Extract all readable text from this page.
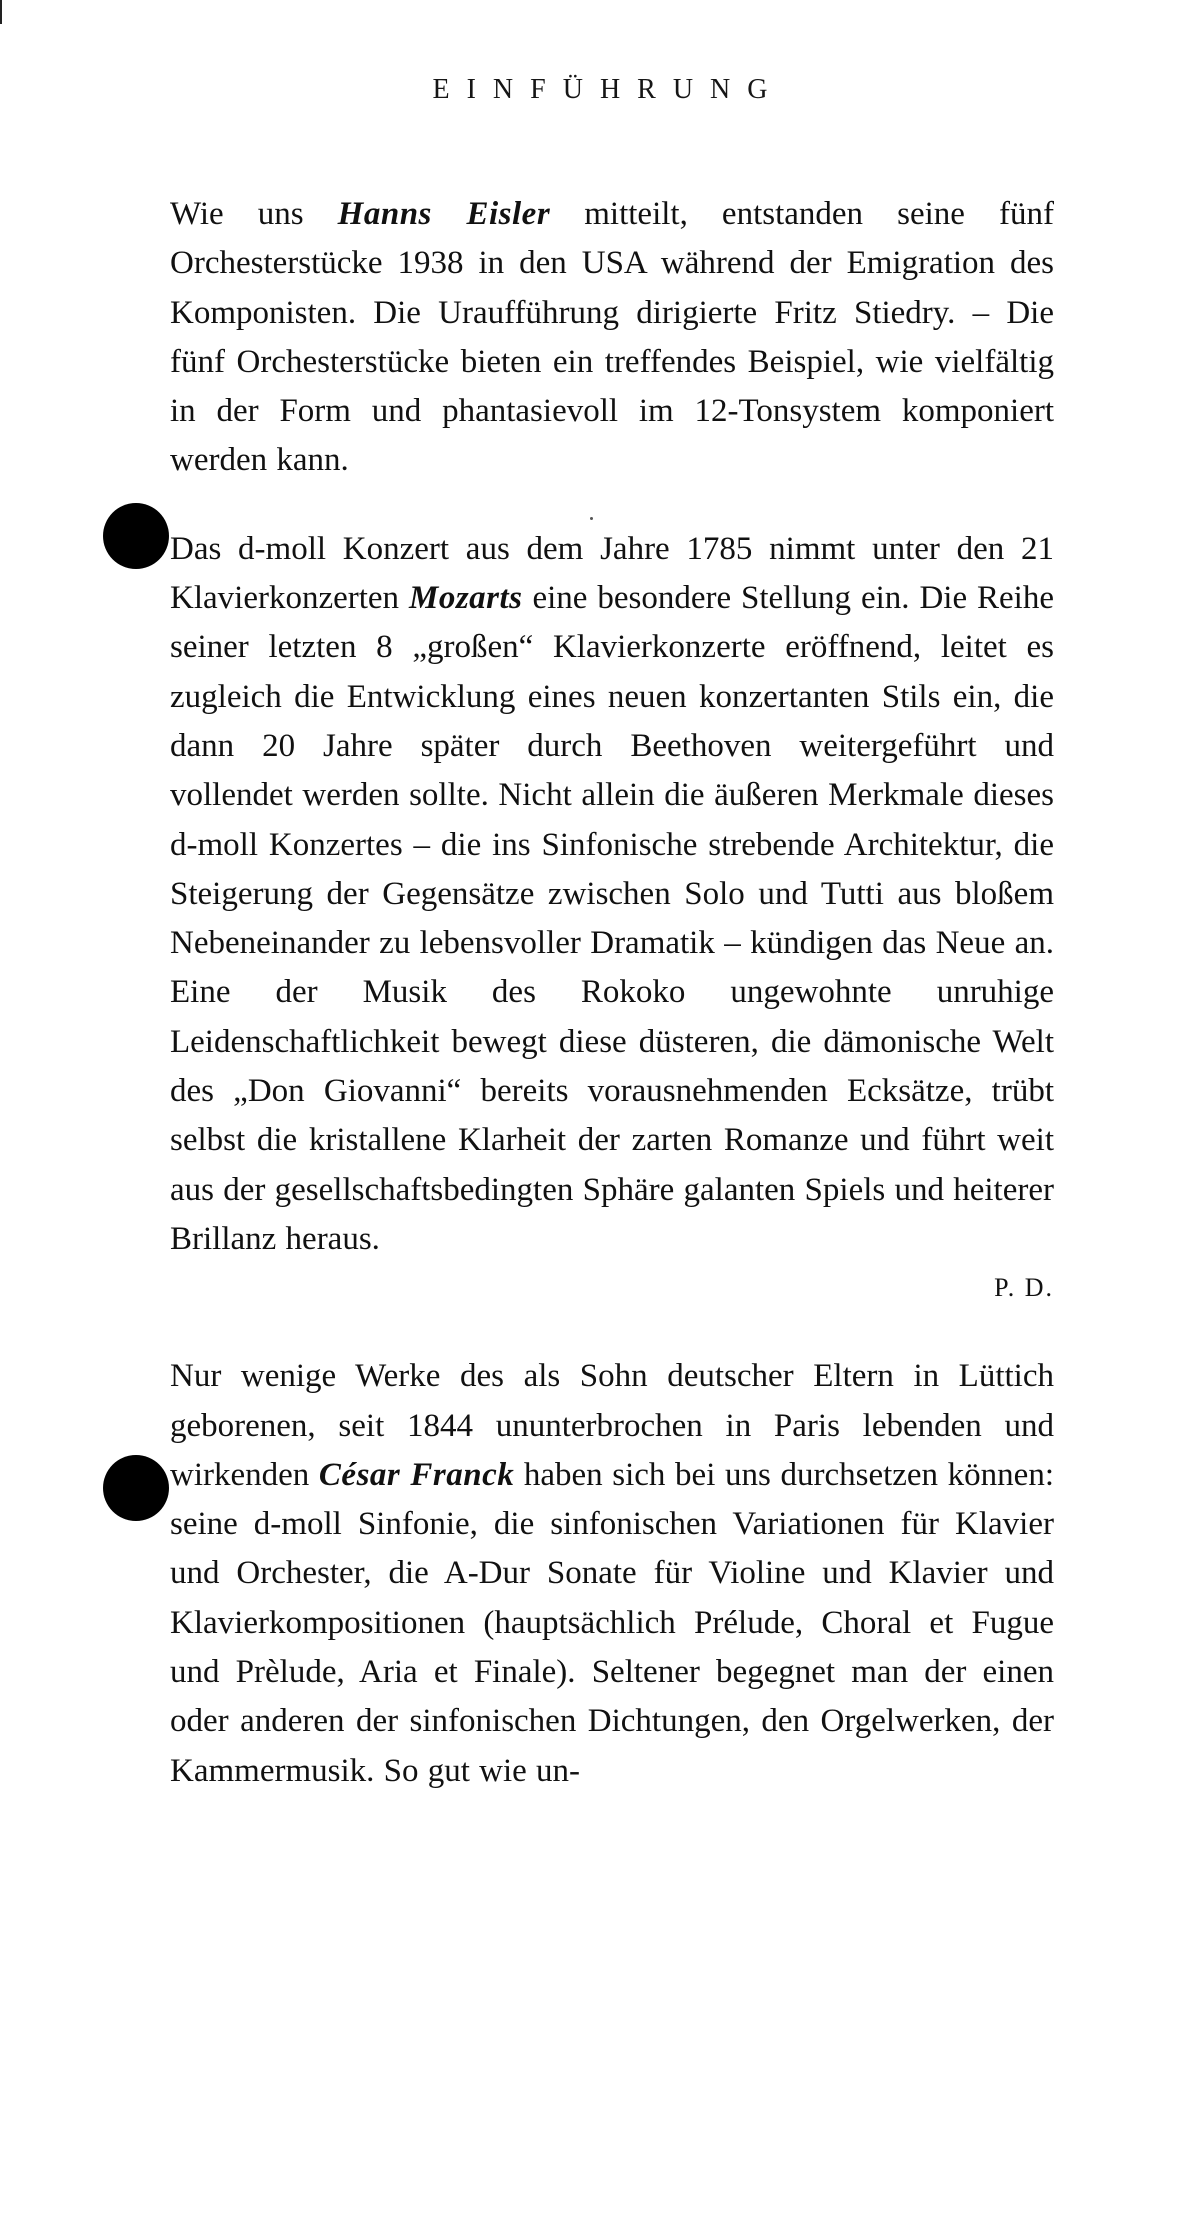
EINFÜHRUNG

Wie uns Hanns Eisler mitteilt, entstanden seine fünf Orchesterstücke 1938 in den USA während der Emigration des Komponisten. Die Uraufführung dirigierte Fritz Stiedry. – Die fünf Orchesterstücke bieten ein treffendes Beispiel, wie vielfältig in der Form und phantasievoll im 12-Tonsystem komponiert werden kann.

Das d-moll Konzert aus dem Jahre 1785 nimmt unter den 21 Klavierkonzerten Mozarts eine besondere Stellung ein. Die Reihe seiner letzten 8 „großen“ Klavierkonzerte eröffnend, leitet es zugleich die Entwicklung eines neuen konzertanten Stils ein, die dann 20 Jahre später durch Beethoven weitergeführt und vollendet werden sollte. Nicht allein die äußeren Merkmale dieses d-moll Konzertes – die ins Sinfonische strebende Architektur, die Steigerung der Gegensätze zwischen Solo und Tutti aus bloßem Nebeneinander zu lebensvoller Dramatik – kündigen das Neue an. Eine der Musik des Rokoko ungewohnte unruhige Leidenschaftlichkeit bewegt diese düsteren, die dämonische Welt des „Don Giovanni“ bereits vorausnehmenden Ecksätze, trübt selbst die kristallene Klarheit der zarten Romanze und führt weit aus der gesellschaftsbedingten Sphäre galanten Spiels und heiterer Brillanz heraus.

P. D.

Nur wenige Werke des als Sohn deutscher Eltern in Lüttich geborenen, seit 1844 ununterbrochen in Paris lebenden und wirkenden César Franck haben sich bei uns durchsetzen können: seine d-moll Sinfonie, die sinfonischen Variationen für Klavier und Orchester, die A-Dur Sonate für Violine und Klavier und Klavierkompositionen (hauptsächlich Prélude, Choral et Fugue und Prèlude, Aria et Finale). Seltener begegnet man der einen oder anderen der sinfonischen Dichtungen, den Orgelwerken, der Kammermusik. So gut wie un-
